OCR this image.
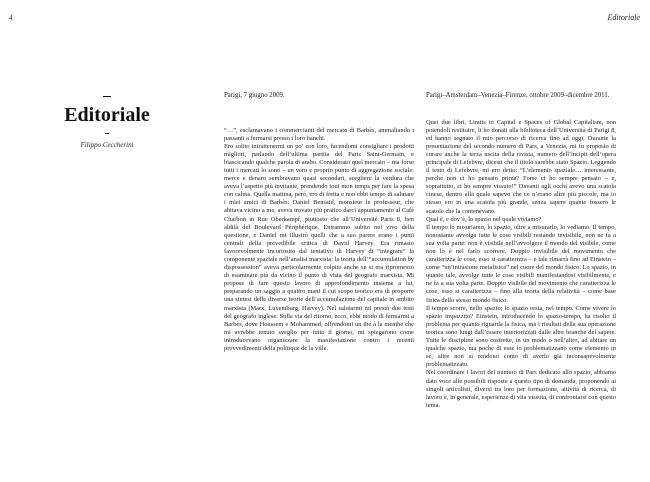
4	Editoriale
Editoriale
Filippo Ceccherini

Parigi, 7 giugno 2009.

“…”, esclamavano i commercianti del mercato di Barbès, ammaliando i passanti a fermarsi presso i loro banchi.

Ero solito intrattenermi un po’ con loro, facendomi consigliare i prodotti migliori, parlando dell’ultima partita del Paris Saint-Germain, e biascicando qualche parola di arabo. Considerato quel mercato – ma forse tutti i mercati lo sono – un vero e proprio punto di aggregazione sociale: merce e denaro sembravano quasi secondari, scegliere la verdura che aveva l’aspetto più invitante, prendendo tout mon temps per fare la spesa con calma. Quella mattina, però, ero di fretta e non ebbi tempo di salutare i miei amici di Barbès: Daniel Bensaïd, monsieur le professeur, che abitava vicino a me, aveva trovato più pratico darci appuntamento al Café Charbon in Rue Oberkampf, piuttosto che all’Université Paris 8, ben aldilà del Boulevard Périphérique. Entrammo subito nel vivo della questione, e Daniel mi illustrò quelli che a suo parere erano i punti centrali della prevedibile critica di David Harvey. Era rimasto favorevolmente incuriosito dal tentativo di Harvey di “integrare” la componente spaziale nell’analisi marxista: la teoria dell’“accumulation by dispossession” aveva particolarmente colpito anche se si era ripromesso di esaminare più da vicino il punto di vista del geografo marxista. Mi propose di fare questo lavoro di approfondimento insieme a lui, preparando un saggio a quattro mani il cui scopo teorico era di proporre una sintesi delle diverse teorie dell’accumulazione del capitale in ambito marxista (Marx, Luxemburg, Harvey). Nel salutarmi mi prestò due testi del geografo inglese. Sulla via del ritorno, ecco, ebbi modo di fermarmi a Barbès, dove Houssem e Mohammed, offrendomi un thé à la menthe che mi avrebbe tenuto sveglio per tutto il giorno, mi spiegarono come introducevano organizzare la manifestazione contro i recenti provvedimenti della politique de la ville.

Parigi–Amsterdam–Venezia–Firenze, ottobre 2009–dicembre 2011.

Quei due libri, Limits to Capital e Spaces of Global Capitalism, non potendoli restituire, li ho donati alla biblioteca dell’Università di Parigi 8, ed hanno segnato il mio percorso di ricerca fino ad oggi. Durante la presentazione del secondo numero di Pars, a Venezia, mi fu proposto di curare anche la terza uscita della rivista, numero dell’incipit dell’opera principale di Lefebvre, dicesti che il titolo sarebbe stato Spazio. Leggendo il testo di Lefebvre, mi ero detto: “L’elemento spaziale… interessante, perché non ci ho pensato prima? Forse ci ho sempre pensato – e, soprattutto, ci ho sempre vissuto!” Davanti agli occhi avevo una scatola cinese, dentro alla quale sapevo che ce n’erano altre più piccole, ma io stesso ero in una scatola più grande, senza sapere quante fossero le scatole che la contenevano.

Qual è, e dov’è, lo spazio nel quale viviamo?

Il tempo lo misuriamo, lo spazio, oltre a misurarlo, lo vediamo. Il tempo, nonostante avvolga tutte le cose visibili restando invisibile, non ne fa a sua volta parte: non è visibile nell’avvolgere il mondo del visibile, come non lo è nel farlo scorrere. Doppio invisibile del movimento che caratterizza le cose, esso si caratterizza – e tale rimarrà fino ad Einstein – come “un’intrasione metafisica” nel cuore del mondo fisico. Lo spazio, in quanto tale, avvolge tutte le cose visibili manifestandosi visibilmente, e ne fa a sua volta parte. Doppio visibile del movimento che caratterizza le cose, esso si caratterizza – fino alla teoria della relatività – come base fisica dello stesso mondo fisico.

Il tempo scorre, nello spazio; lo spazio resta, nel tempo. Come vivere lo spazio impazzito? Einstein, introducendo lo spazio-tempo, ha risolto il problema per quanto riguarda la fisica, ma i risultati della sua operazione teorica sono lungi dall’essere interiorizzati dalle altre branche del sapere. Tutte le discipline sono costrette, in un modo o nell’altro, ad abitare un qualche spazio, ma poche di esse lo problematizzano come elemento in sé, altre non si rendono conto di averlo già inconsapevolmente problematizzato.

Nel coordinare i lavori del numero di Pars dedicato allo spazio, abbiamo dato voce alle possibili risposte a questo tipo di domanda, proponendo ai singoli articolisti, diversi tra loro per formazione, attività di ricerca, di lavoro e, in generale, esperienze di vita vissuta, di confrontarsi con questo tema.
